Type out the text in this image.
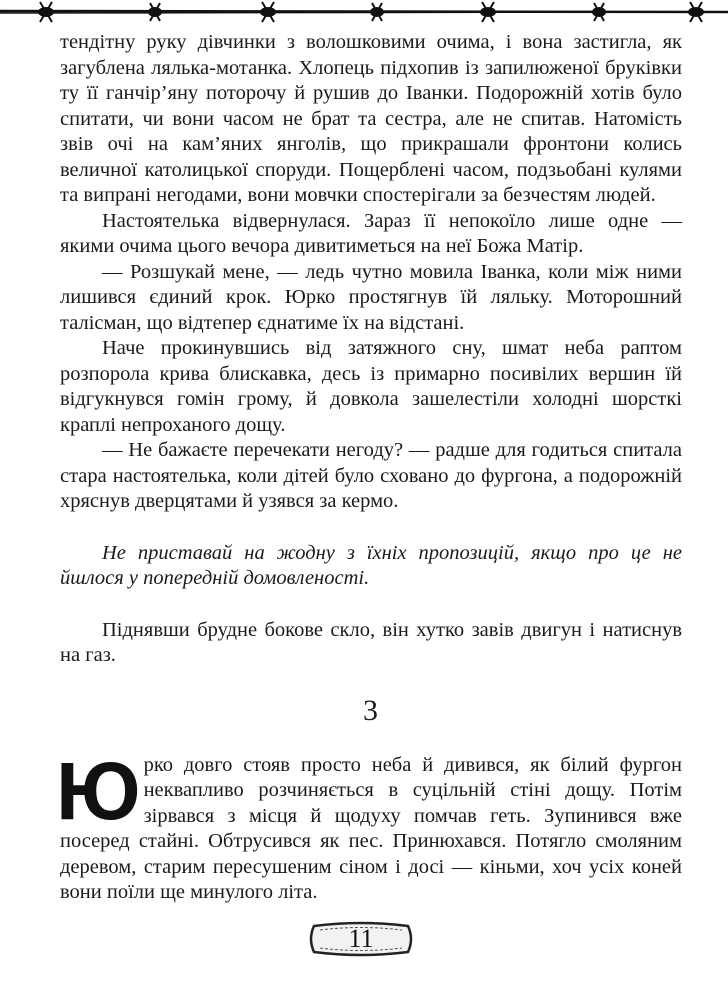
тендітну руку дівчинки з волошковими очима, і вона застигла, як загублена лялька-мотанка. Хлопець підхопив із запилюженої бруківки ту її ганчір’яну поторочу й рушив до Іванки. Подорожній хотів було спитати, чи вони часом не брат та сестра, але не спитав. Натомість звів очі на кам’яних янголів, що прикрашали фронтони колись величної католицької споруди. Пощерблені часом, подзьобані кулями та випрані негодами, вони мовчки спостерігали за безчестям людей.

Настоятелька відвернулася. Зараз її непокоїло лише одне — якими очима цього вечора дивитиметься на неї Божа Матір.

— Розшукай мене, — ледь чутно мовила Іванка, коли між ними лишився єдиний крок. Юрко простягнув їй ляльку. Моторошний талісман, що відтепер єднатиме їх на відстані.

Наче прокинувшись від затяжного сну, шмат неба раптом розпорола крива блискавка, десь із примарно посивілих вершин їй відгукнувся гомін грому, й довкола зашелестіли холодні шорсткі краплі непроханого дощу.

— Не бажаєте перечекати негоду? — радше для годиться спитала стара настоятелька, коли дітей було сховано до фургона, а подорожній хряснув дверцятами й узявся за кермо.

Не приставай на жодну з їхніх пропозицій, якщо про це не йшлося у попередній домовленості.

Піднявши брудне бокове скло, він хутко завів двигун і натиснув на газ.

3
Ю рко довго стояв просто неба й дивився, як білий фургон неквапливо розчиняється в суцільній стіні дощу. Потім зірвався з місця й щодуху помчав геть. Зупинився вже посеред стайні. Обтрусився як пес. Принюхався. Потягло смоляним деревом, старим пересушеним сіном і досі — кіньми, хоч усіх коней вони поїли ще минулого літа.

11
